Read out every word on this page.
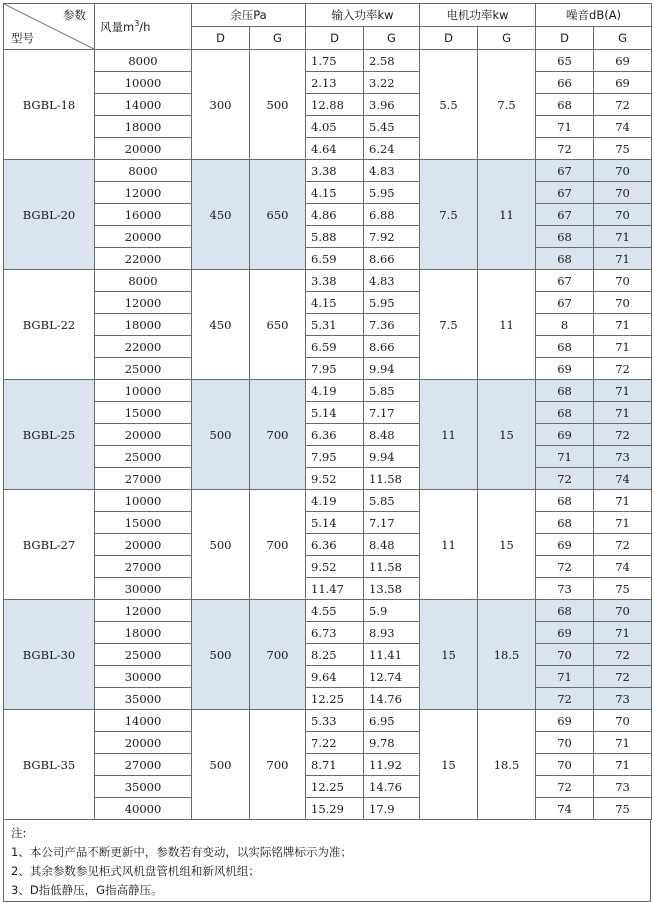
参数
型号	风量$m^3/h$	余压Pa		输入功率kw		电机功率kw		噪音dB(A)	
		D	G	D	G	D	G	D	G
BGBL-18	8000	300	500	1.75	2.58	5.5	7.5	65	69
	10000			2.13	3.22			66	69
	14000			12.88	3.96			68	72
	18000			4.05	5.45			71	74
	20000			4.64	6.24			72	75
BGBL-20	8000	450	650	3.38	4.83	7.5	11	67	70
	12000			4.15	5.95			67	70
	16000			4.86	6.88			67	70
	20000			5.88	7.92			68	71
	22000			6.59	8.66			68	71
BGBL-22	8000	450	650	3.38	4.83	7.5	11	67	70
	12000			4.15	5.95			67	70
	18000			5.31	7.36			8	71
	22000			6.59	8.66			68	71
	25000			7.95	9.94			69	72
BGBL-25	10000	500	700	4.19	5.85	11	15	68	71
	15000			5.14	7.17			68	71
	20000			6.36	8.48			69	72
	25000			7.95	9.94			71	73
	27000			9.52	11.58			72	74
BGBL-27	10000	500	700	4.19	5.85	11	15	68	71
	15000			5.14	7.17			68	71
	20000			6.36	8.48			69	72
	27000			9.52	11.58			72	74
	30000			11.47	13.58			73	75
BGBL-30	12000	500	700	4.55	5.9	15	18.5	68	70
	18000			6.73	8.93			69	71
	25000			8.25	11.41			70	72
	30000			9.64	12.74			71	72
	35000			12.25	14.76			72	73
BGBL-35	14000	500	700	5.33	6.95	15	18.5	69	70
	20000			7.22	9.78			70	71
	27000			8.71	11.92			70	71
	35000			12.25	14.76			72	73
	40000			15.29	17.9			74	75
注:
1、本公司产品不断更新中，参数若有变动，以实际铭牌标示为准；
2、其余参数参见柜式风机盘管机组和新风机组；
3、D指低静压，G指高静压。
